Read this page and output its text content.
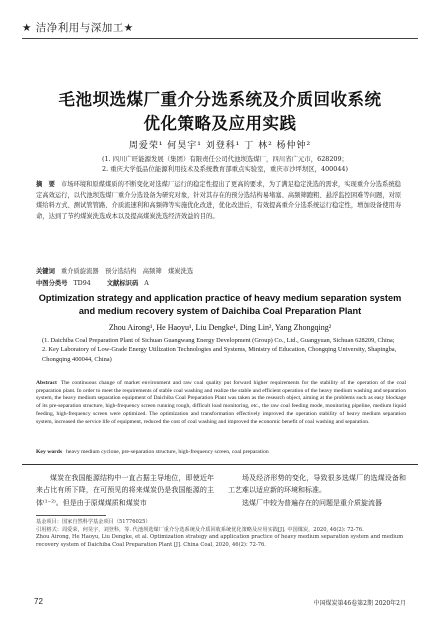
★ 洁净利用与深加工★
毛池坝选煤厂重介分选系统及介质回收系统
优化策略及应用实践
周爱荣¹ 何昊宇¹ 刘登科¹ 丁 林² 杨仲钟²
(1. 四川广旺能源发展（集团）有限责任公司代池坝选煤厂，四川省广元市，628209；
2. 重庆大学低品位能源利用技术及系统教育部重点实验室，重庆市沙坪坝区，400044)
摘　要 市场环境和原煤煤质的不断变化对选煤厂运行的稳定性提出了更高的要求，为了满足稳定洗选的需求，实现重介分选系统稳定高效运行，以代池坝选煤厂重介分选设备为研究对象，针对其存在的预分选结构易堵塞、高频筛跑粗、悬浮监控困难等问题，对原煤给料方式、测试管管路、介质流速利和高频筛等实施优化改进，优化改进后，有效提高重介分选系统运行稳定性，增加设备使用寿命，达到了节约煤炭洗选成本以及提高煤炭洗选经济效益的目的。
关键词 重介质旋流器　预分选结构　高频筛　煤炭洗选
中图分类号 TD94	文献标识码 A
Optimization strategy and application practice of heavy medium separation system and medium recovery system of Daichiba Coal Preparation Plant
Zhou Airong¹, He Haoyu¹, Liu Dengke¹, Ding Lin², Yang Zhongqing²
(1. Daichiba Coal Preparation Plant of Sichuan Guangwang Energy Development (Group) Co., Ltd., Guangyuan, Sichuan 628209, China;
2. Key Laboratory of Low-Grade Energy Utilization Technologies and Systems, Ministry of Education, Chongqing University, Shapingba, Chongqing 400044, China)
Abstract The continuous change of market environment and raw coal quality put forward higher requirements for the stability of the operation of the coal preparation plant. In order to meet the requirements of stable coal washing and realize the stable and efficient operation of the heavy medium washing and separation system, the heavy medium separation equipment of Daichiba Coal Preparation Plant was taken as the research object, aiming at the problems such as easy blockage of its pre-separation structure, high-frequency screen running rough, difficult load monitoring, etc., the raw coal feeding mode, monitoring pipeline, medium liquid feeding, high-frequency screen were optimized. The optimization and transformation effectively improved the operation stability of heavy medium separation system, increased the service life of equipment, reduced the cost of coal washing and improved the economic benefit of coal washing and separation.
Key words heavy medium cyclone, pre-separation structure, high-frequency screen, coal preparation
煤炭在我国能源结构中一直占据主导地位，即使近年来占比有所下降，在可预见的将来煤炭仍是我国能源的主体⁽¹⁻²⁾。但是由于原煤煤质和煤炭市

场及经济形势的变化，导致很多选煤厂的选煤设备和工艺难以适应新的环境和标准。

选煤厂中较为普遍存在的问题是重介质旋流器

基金项目：国家自然科学基金项目（51776025）
引用格式：周爱荣，何昊宇，刘登科，等. 代池坝选煤厂重介分选系统及介质回收系统优化策略及应用实践[J]. 中国煤炭，2020, 46(2): 72-76.
Zhou Airong, He Haoyu, Liu Dengke, et al. Optimization strategy and application practice of heavy medium separation system and medium recovery system of Daichiba Coal Preparation Plant [J]. China Coal, 2020, 46(2): 72-76.
72	中国煤炭第46卷第2期 2020年2月
